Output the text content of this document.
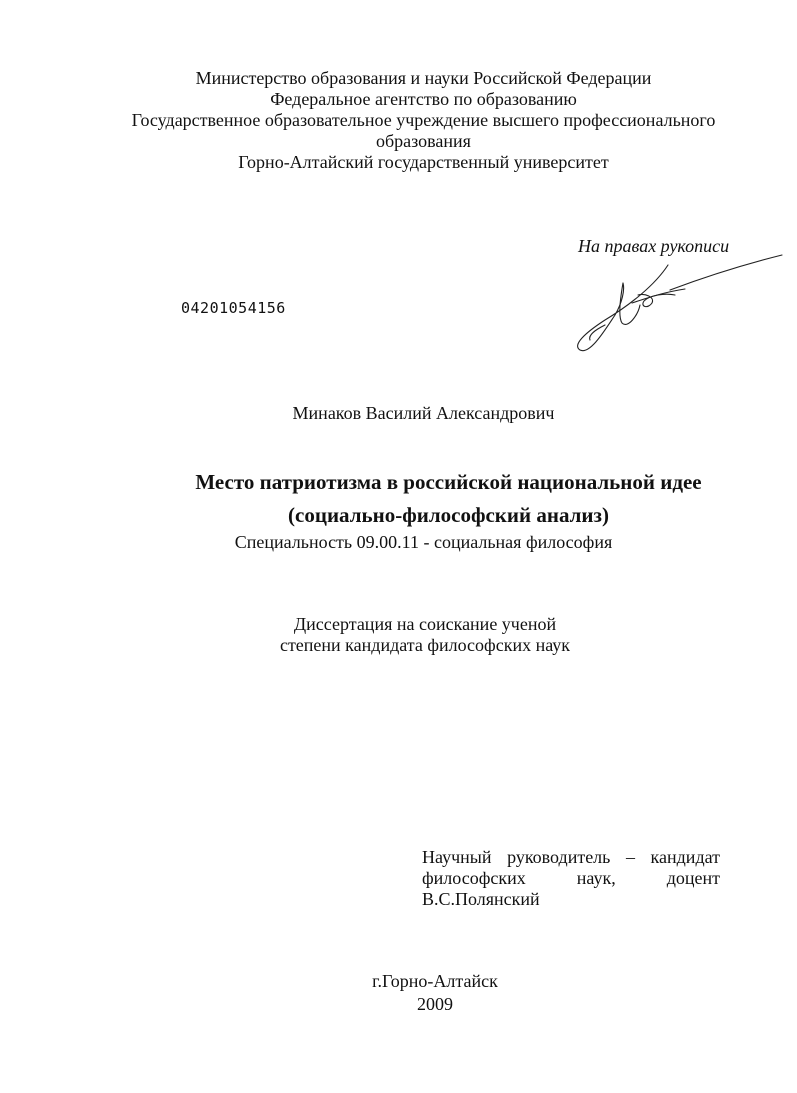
Министерство образования и науки Российской Федерации
Федеральное агентство по образованию
Государственное образовательное учреждение высшего профессионального
образования
Горно-Алтайский государственный университет
На правах рукописи
04201054156
Минаков Василий Александрович
Место патриотизма в российской национальной идее
(социально-философский анализ)
Специальность 09.00.11 - социальная философия
Диссертация на соискание ученой
степени кандидата философских наук
Научный руководитель – кандидат
философских наук, доцент
В.С.Полянский
г.Горно-Алтайск
2009
